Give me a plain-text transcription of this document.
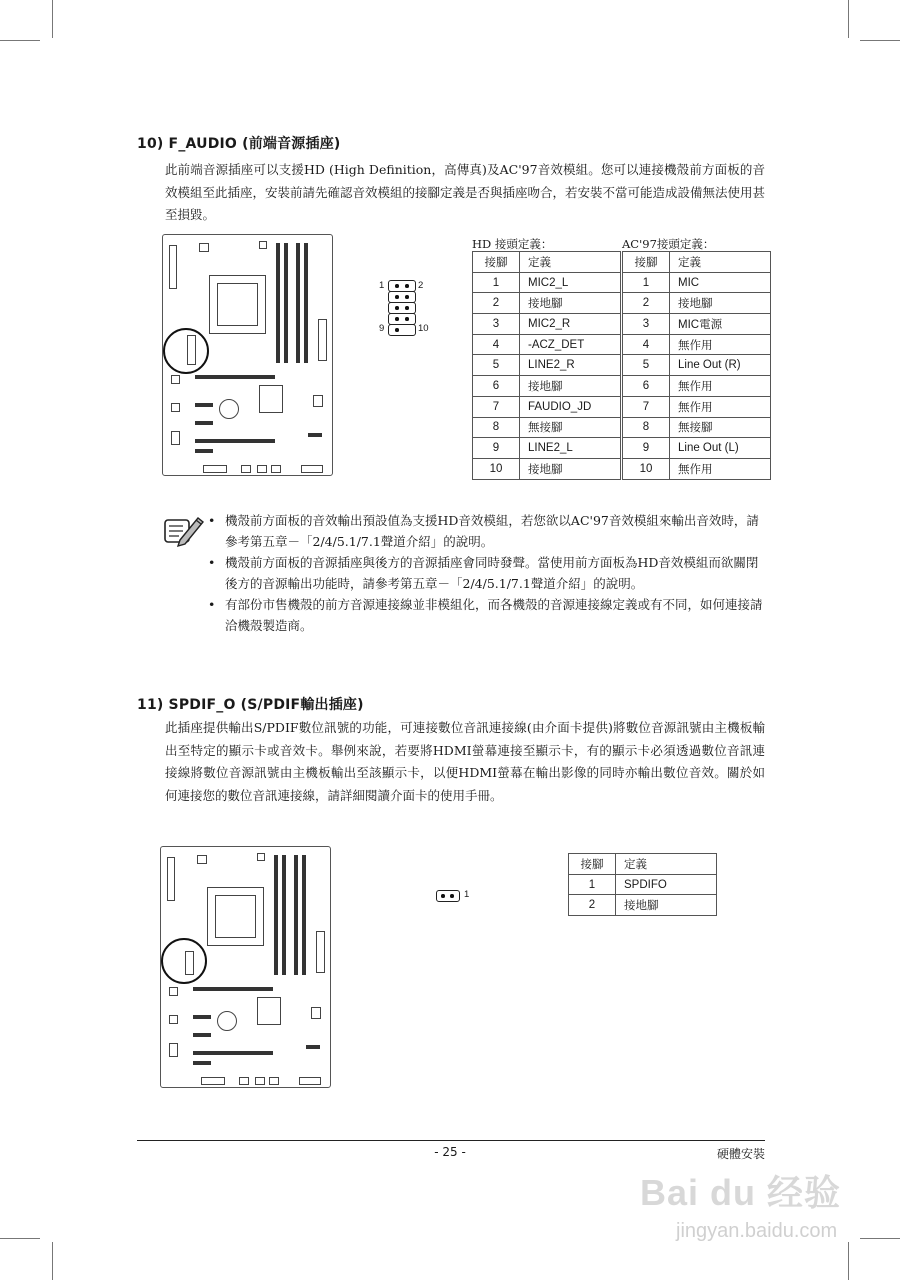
10) F_AUDIO (前端音源插座)

此前端音源插座可以支援HD (High Definition，高傳真)及AC'97音效模組。您可以連接機殼前方面板的音效模組至此插座，安裝前請先確認音效模組的接腳定義是否與插座吻合，若安裝不當可能造成設備無法使用甚至損毀。

1	2
9	10
HD 接頭定義：
接腳	定義
1	MIC2_L
2	接地腳
3	MIC2_R
4	-ACZ_DET
5	LINE2_R
6	接地腳
7	FAUDIO_JD
8	無接腳
9	LINE2_L
10	接地腳
AC'97接頭定義：
接腳	定義
1	MIC
2	接地腳
3	MIC電源
4	無作用
5	Line Out (R)
6	無作用
7	無作用
8	無接腳
9	Line Out (L)
10	無作用
• 機殼前方面板的音效輸出預設值為支援HD音效模組，若您欲以AC'97音效模組來輸出音效時，請參考第五章－「2/4/5.1/7.1聲道介紹」的說明。
• 機殼前方面板的音源插座與後方的音源插座會同時發聲。當使用前方面板為HD音效模組而欲關閉後方的音源輸出功能時，請參考第五章－「2/4/5.1/7.1聲道介紹」的說明。
• 有部份市售機殼的前方音源連接線並非模組化，而各機殼的音源連接線定義或有不同，如何連接請洽機殼製造商。
11) SPDIF_O (S/PDIF輸出插座)

此插座提供輸出S/PDIF數位訊號的功能，可連接數位音訊連接線(由介面卡提供)將數位音源訊號由主機板輸出至特定的顯示卡或音效卡。舉例來說，若要將HDMI螢幕連接至顯示卡，有的顯示卡必須透過數位音訊連接線將數位音源訊號由主機板輸出至該顯示卡，以便HDMI螢幕在輸出影像的同時亦輸出數位音效。關於如何連接您的數位音訊連接線，請詳細閱讀介面卡的使用手冊。

1
接腳	定義
1	SPDIFO
2	接地腳
- 25 -	硬體安裝
Bai du 经验
jingyan.baidu.com
